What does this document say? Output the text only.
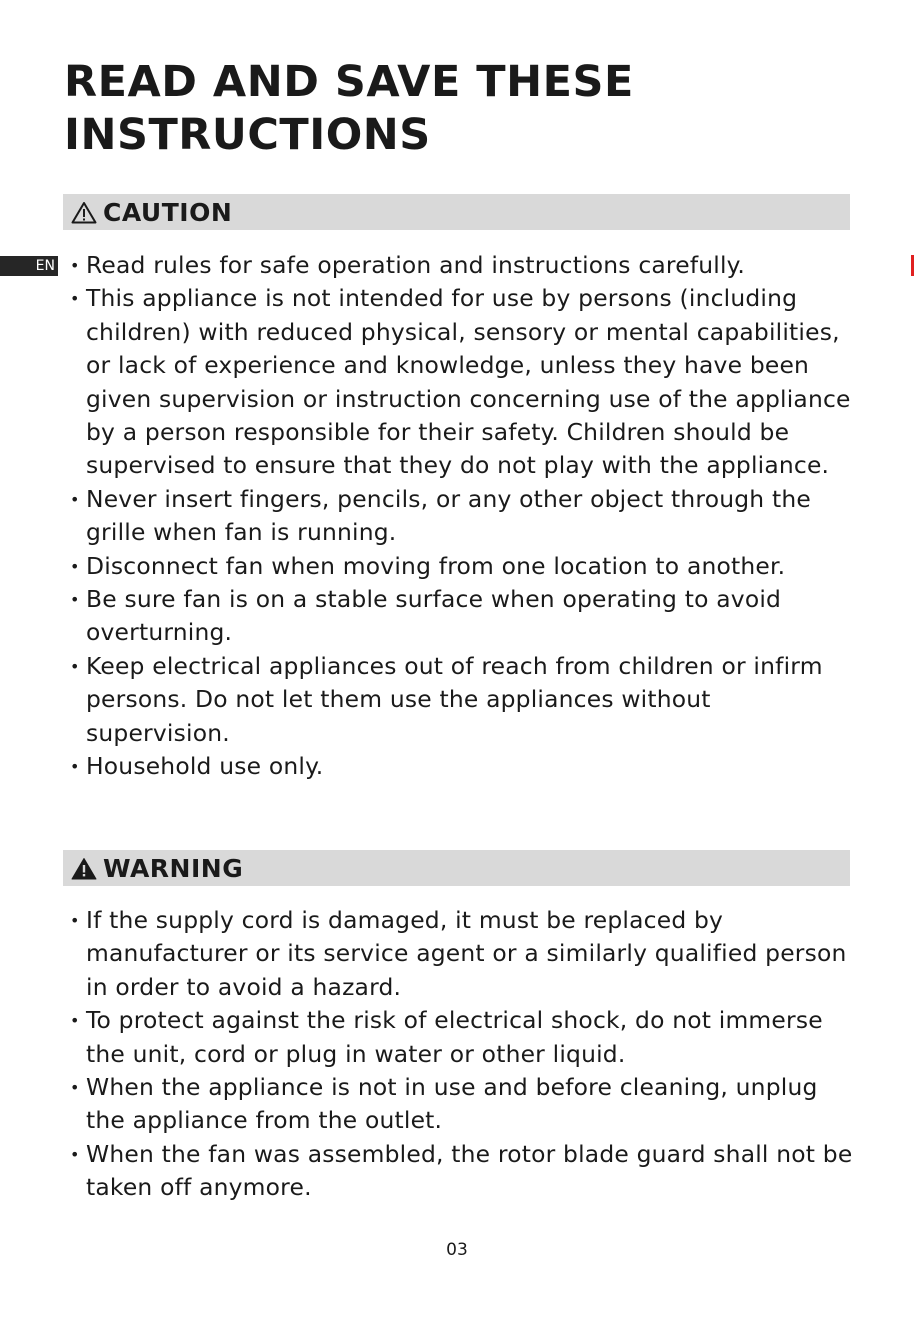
READ AND SAVE THESE INSTRUCTIONS
EN
CAUTION
• Read rules for safe operation and instructions carefully.
• This appliance is not intended for use by persons (including children) with reduced physical, sensory or mental capabilities, or lack of experience and knowledge, unless they have been given supervision or instruction concerning use of the appliance by a person responsible for their safety. Children should be supervised to ensure that they do not play with the appliance.
• Never insert fingers, pencils, or any other object through the grille when fan is running.
• Disconnect fan when moving from one location to another.
• Be sure fan is on a stable surface when operating to avoid overturning.
• Keep electrical appliances out of reach from children or infirm persons. Do not let them use the appliances without supervision.
• Household use only.
WARNING
• If the supply cord is damaged, it must be replaced by manufacturer or its service agent or a similarly qualified person in order to avoid a hazard.
• To protect against the risk of electrical shock, do not immerse the unit, cord or plug in water or other liquid.
• When the appliance is not in use and before cleaning, unplug the appliance from the outlet.
• When the fan was assembled, the rotor blade guard shall not be taken off anymore.
03
